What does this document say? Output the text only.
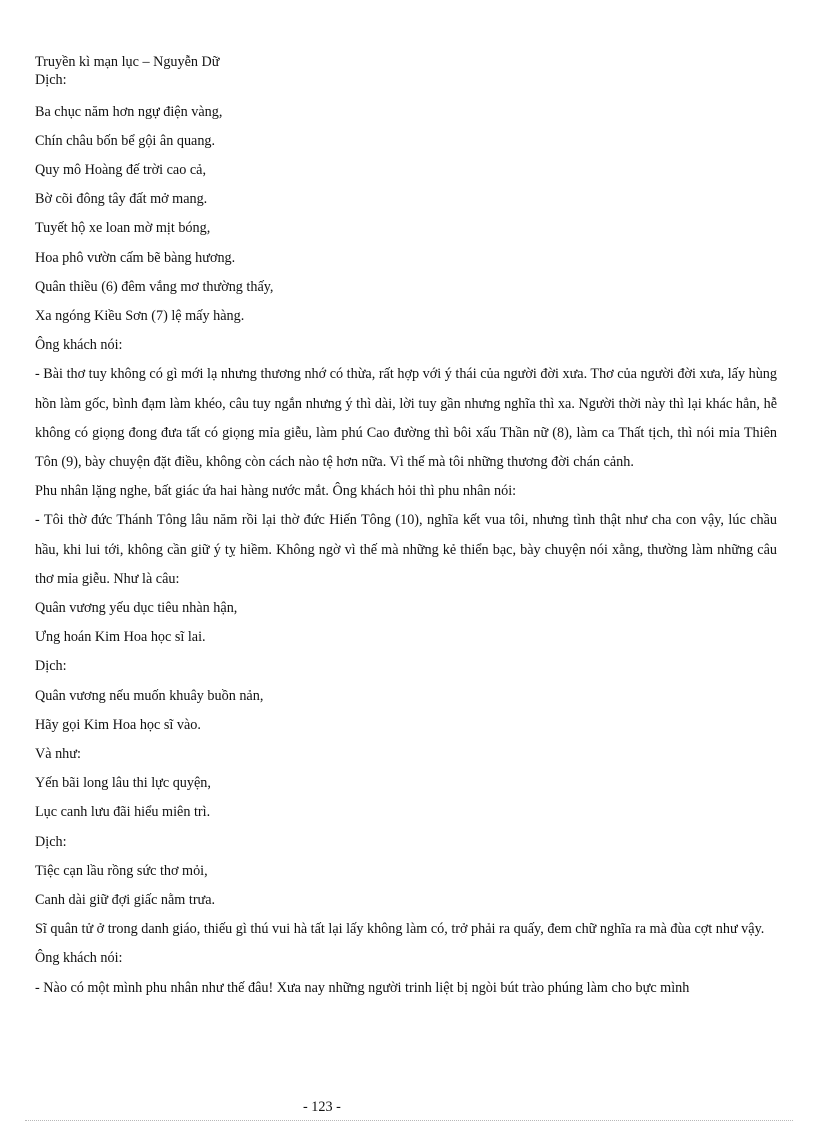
Truyền kì mạn lục – Nguyễn Dữ
Dịch:
Ba chục năm hơn ngự điện vàng,
Chín châu bốn bể gội ân quang.
Quy mô Hoàng đế trời cao cả,
Bờ cõi đông tây đất mở mang.
Tuyết hộ xe loan mờ mịt bóng,
Hoa phô vườn cấm bẽ bàng hương.
Quân thiều (6) đêm vắng mơ thường thấy,
Xa ngóng Kiều Sơn (7) lệ mấy hàng.
Ông khách nói:
- Bài thơ tuy không có gì mới lạ nhưng thương nhớ có thừa, rất hợp với ý thái của người đời xưa. Thơ của người đời xưa, lấy hùng hồn làm gốc, bình đạm làm khéo, câu tuy ngắn nhưng ý thì dài, lời tuy gần nhưng nghĩa thì xa. Người thời này thì lại khác hẳn, hễ không có giọng đong đưa tất có giọng mỉa giễu, làm phú Cao đường thì bôi xấu Thần nữ (8), làm ca Thất tịch, thì nói mỉa Thiên Tôn (9), bày chuyện đặt điều, không còn cách nào tệ hơn nữa. Vì thế mà tôi những thương đời chán cảnh.
Phu nhân lặng nghe, bất giác ứa hai hàng nước mắt. Ông khách hỏi thì phu nhân nói:
- Tôi thờ đức Thánh Tông lâu năm rồi lại thờ đức Hiến Tông (10), nghĩa kết vua tôi, nhưng tình thật như cha con vậy, lúc chầu hầu, khi lui tới, không cần giữ ý tỵ hiềm. Không ngờ vì thế mà những kẻ thiển bạc, bày chuyện nói xằng, thường làm những câu thơ mỉa giễu. Như là câu:
Quân vương yếu dục tiêu nhàn hận,
Ưng hoán Kim Hoa học sĩ lai.
Dịch:
Quân vương nếu muốn khuây buồn nản,
Hãy gọi Kim Hoa học sĩ vào.
Và như:
Yến bãi long lâu thi lực quyện,
Lục canh lưu đãi hiểu miên trì.
Dịch:
Tiệc cạn lầu rồng sức thơ mỏi,
Canh dài giữ đợi giấc nằm trưa.
Sĩ quân tử ở trong danh giáo, thiếu gì thú vui hà tất lại lấy không làm có, trở phải ra quấy, đem chữ nghĩa ra mà đùa cợt như vậy.
Ông khách nói:
- Nào có một mình phu nhân như thế đâu! Xưa nay những người trinh liệt bị ngòi bút trào phúng làm cho bực mình
- 123 -
